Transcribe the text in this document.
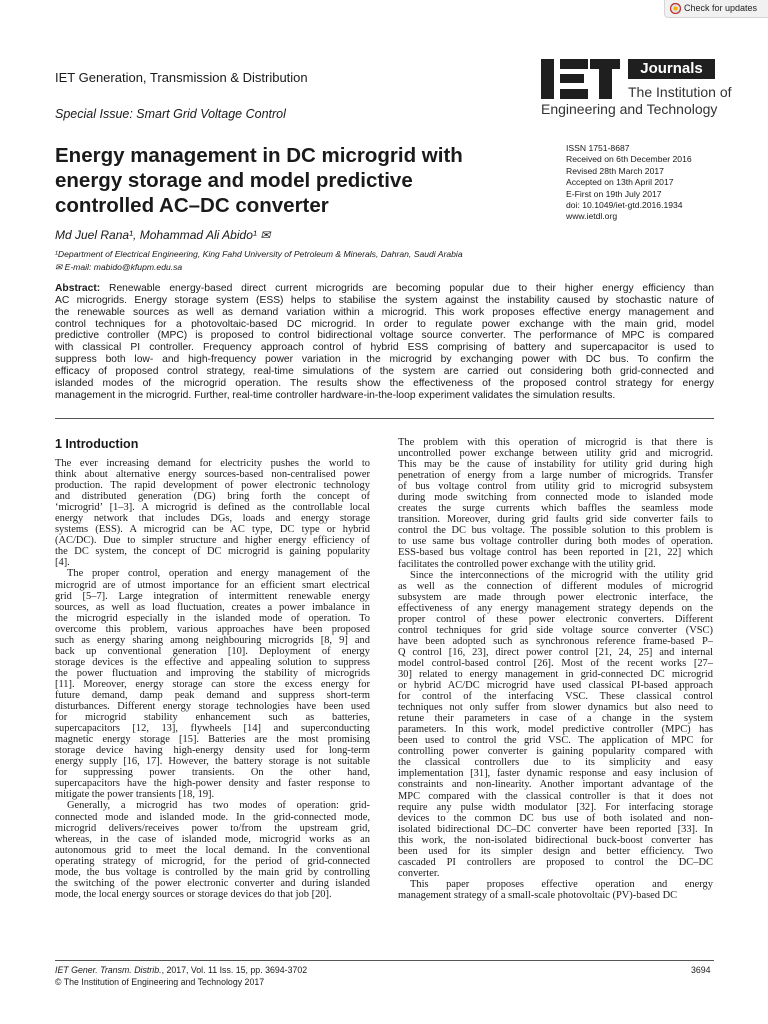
Check for updates
IET Generation, Transmission & Distribution
Special Issue: Smart Grid Voltage Control
Journals
The Institution of
Engineering and Technology
Energy management in DC microgrid with
energy storage and model predictive
controlled AC–DC converter
ISSN 1751-8687
Received on 6th December 2016
Revised 28th March 2017
Accepted on 13th April 2017
E-First on 19th July 2017
doi: 10.1049/iet-gtd.2016.1934
www.ietdl.org
Md Juel Rana¹, Mohammad Ali Abido¹ ✉
¹Department of Electrical Engineering, King Fahd University of Petroleum & Minerals, Dahran, Saudi Arabia
✉ E-mail: mabido@kfupm.edu.sa
Abstract: Renewable energy-based direct current microgrids are becoming popular due to their higher energy efficiency than
AC microgrids. Energy storage system (ESS) helps to stabilise the system against the instability caused by stochastic nature of
the renewable sources as well as demand variation within a microgrid. This work proposes effective energy management and
control techniques for a photovoltaic-based DC microgrid. In order to regulate power exchange with the main grid, model
predictive controller (MPC) is proposed to control bidirectional voltage source converter. The performance of MPC is compared
with classical PI controller. Frequency approach control of hybrid ESS comprising of battery and supercapacitor is used to
suppress both low- and high-frequency power variation in the microgrid by exchanging power with DC bus. To confirm the
efficacy of proposed control strategy, real-time simulations of the system are carried out considering both grid-connected and
islanded modes of the microgrid operation. The results show the effectiveness of the proposed control strategy for energy
management in the microgrid. Further, real-time controller hardware-in-the-loop experiment validates the simulation results.
1 Introduction
The ever increasing demand for electricity pushes the world to
think about alternative energy sources-based non-centralised power
production. The rapid development of power electronic technology
and distributed generation (DG) bring forth the concept of
‘microgrid’ [1–3]. A microgrid is defined as the controllable local
energy network that includes DGs, loads and energy storage
systems (ESS). A microgrid can be AC type, DC type or hybrid
(AC/DC). Due to simpler structure and higher energy efficiency of
the DC system, the concept of DC microgrid is gaining popularity
[4].
The proper control, operation and energy management of the
microgrid are of utmost importance for an efficient smart electrical
grid [5–7]. Large integration of intermittent renewable energy
sources, as well as load fluctuation, creates a power imbalance in
the microgrid especially in the islanded mode of operation. To
overcome this problem, various approaches have been proposed
such as energy sharing among neighbouring microgrids [8, 9] and
back up conventional generation [10]. Deployment of energy
storage devices is the effective and appealing solution to suppress
the power fluctuation and improving the stability of microgrids
[11]. Moreover, energy storage can store the excess energy for
future demand, damp peak demand and suppress short-term
disturbances. Different energy storage technologies have been used
for microgrid stability enhancement such as batteries,
supercapacitors [12, 13], flywheels [14] and superconducting
magnetic energy storage [15]. Batteries are the most promising
storage device having high-energy density used for long-term
energy supply [16, 17]. However, the battery storage is not suitable
for suppressing power transients. On the other hand,
supercapacitors have the high-power density and faster response to
mitigate the power transients [18, 19].
Generally, a microgrid has two modes of operation: grid-
connected mode and islanded mode. In the grid-connected mode,
microgrid delivers/receives power to/from the upstream grid,
whereas, in the case of islanded mode, microgrid works as an
autonomous grid to meet the local demand. In the conventional
operating strategy of microgrid, for the period of grid-connected
mode, the bus voltage is controlled by the main grid by controlling
the switching of the power electronic converter and during islanded
mode, the local energy sources or storage devices do that job [20].
The problem with this operation of microgrid is that there is
uncontrolled power exchange between utility grid and microgrid.
This may be the cause of instability for utility grid during high
penetration of energy from a large number of microgrids. Transfer
of bus voltage control from utility grid to microgrid subsystem
during mode switching from connected mode to islanded mode
creates the surge currents which baffles the seamless mode
transition. Moreover, during grid faults grid side converter fails to
control the DC bus voltage. The possible solution to this problem is
to use same bus voltage controller during both modes of operation.
ESS-based bus voltage control has been reported in [21, 22] which
facilitates the controlled power exchange with the utility grid.
Since the interconnections of the microgrid with the utility grid
as well as the connection of different modules of microgrid
subsystem are made through power electronic interface, the
effectiveness of any energy management strategy depends on the
proper control of these power electronic converters. Different
control techniques for grid side voltage source converter (VSC)
have been adopted such as synchronous reference frame-based P–
Q control [16, 23], direct power control [21, 24, 25] and internal
model control-based control [26]. Most of the recent works [27–
30] related to energy management in grid-connected DC microgrid
or hybrid AC/DC microgrid have used classical PI-based approach
for control of the interfacing VSC. These classical control
techniques not only suffer from slower dynamics but also need to
retune their parameters in case of a change in the system
parameters. In this work, model predictive controller (MPC) has
been used to control the grid VSC. The application of MPC for
controlling power converter is gaining popularity compared with
the classical controllers due to its simplicity and easy
implementation [31], faster dynamic response and easy inclusion of
constraints and non-linearity. Another important advantage of the
MPC compared with the classical controller is that it does not
require any pulse width modulator [32]. For interfacing storage
devices to the common DC bus use of both isolated and non-
isolated bidirectional DC–DC converter have been reported [33]. In
this work, the non-isolated bidirectional buck-boost converter has
been used for its simpler design and better efficiency. Two
cascaded PI controllers are proposed to control the DC–DC
converter.
This paper proposes effective operation and energy
management strategy of a small-scale photovoltaic (PV)-based DC
IET Gener. Transm. Distrib., 2017, Vol. 11 Iss. 15, pp. 3694-3702
© The Institution of Engineering and Technology 2017
3694
